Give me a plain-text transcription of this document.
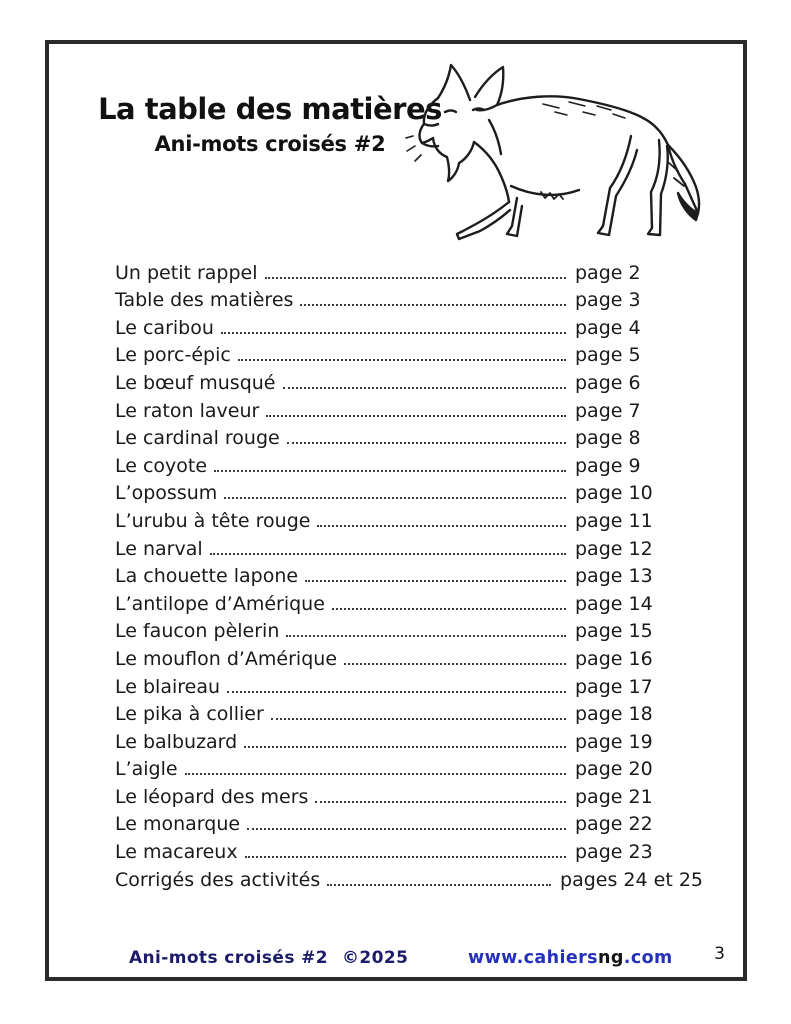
La table des matières
Ani-mots croisés #2
Un petit rappel	page 2
Table des matières	page 3
Le caribou	page 4
Le porc-épic	page 5
Le bœuf musqué	page 6
Le raton laveur	page 7
Le cardinal rouge	page 8
Le coyote	page 9
L’opossum	page 10
L’urubu à tête rouge	page 11
Le narval	page 12
La chouette lapone	page 13
L’antilope d’Amérique	page 14
Le faucon pèlerin	page 15
Le mouflon d’Amérique	page 16
Le blaireau	page 17
Le pika à collier	page 18
Le balbuzard	page 19
L’aigle	page 20
Le léopard des mers	page 21
Le monarque	page 22
Le macareux	page 23
Corrigés des activités	pages 24 et 25
Ani-mots croisés #2 ©2025	www.cahiersng.com 3
